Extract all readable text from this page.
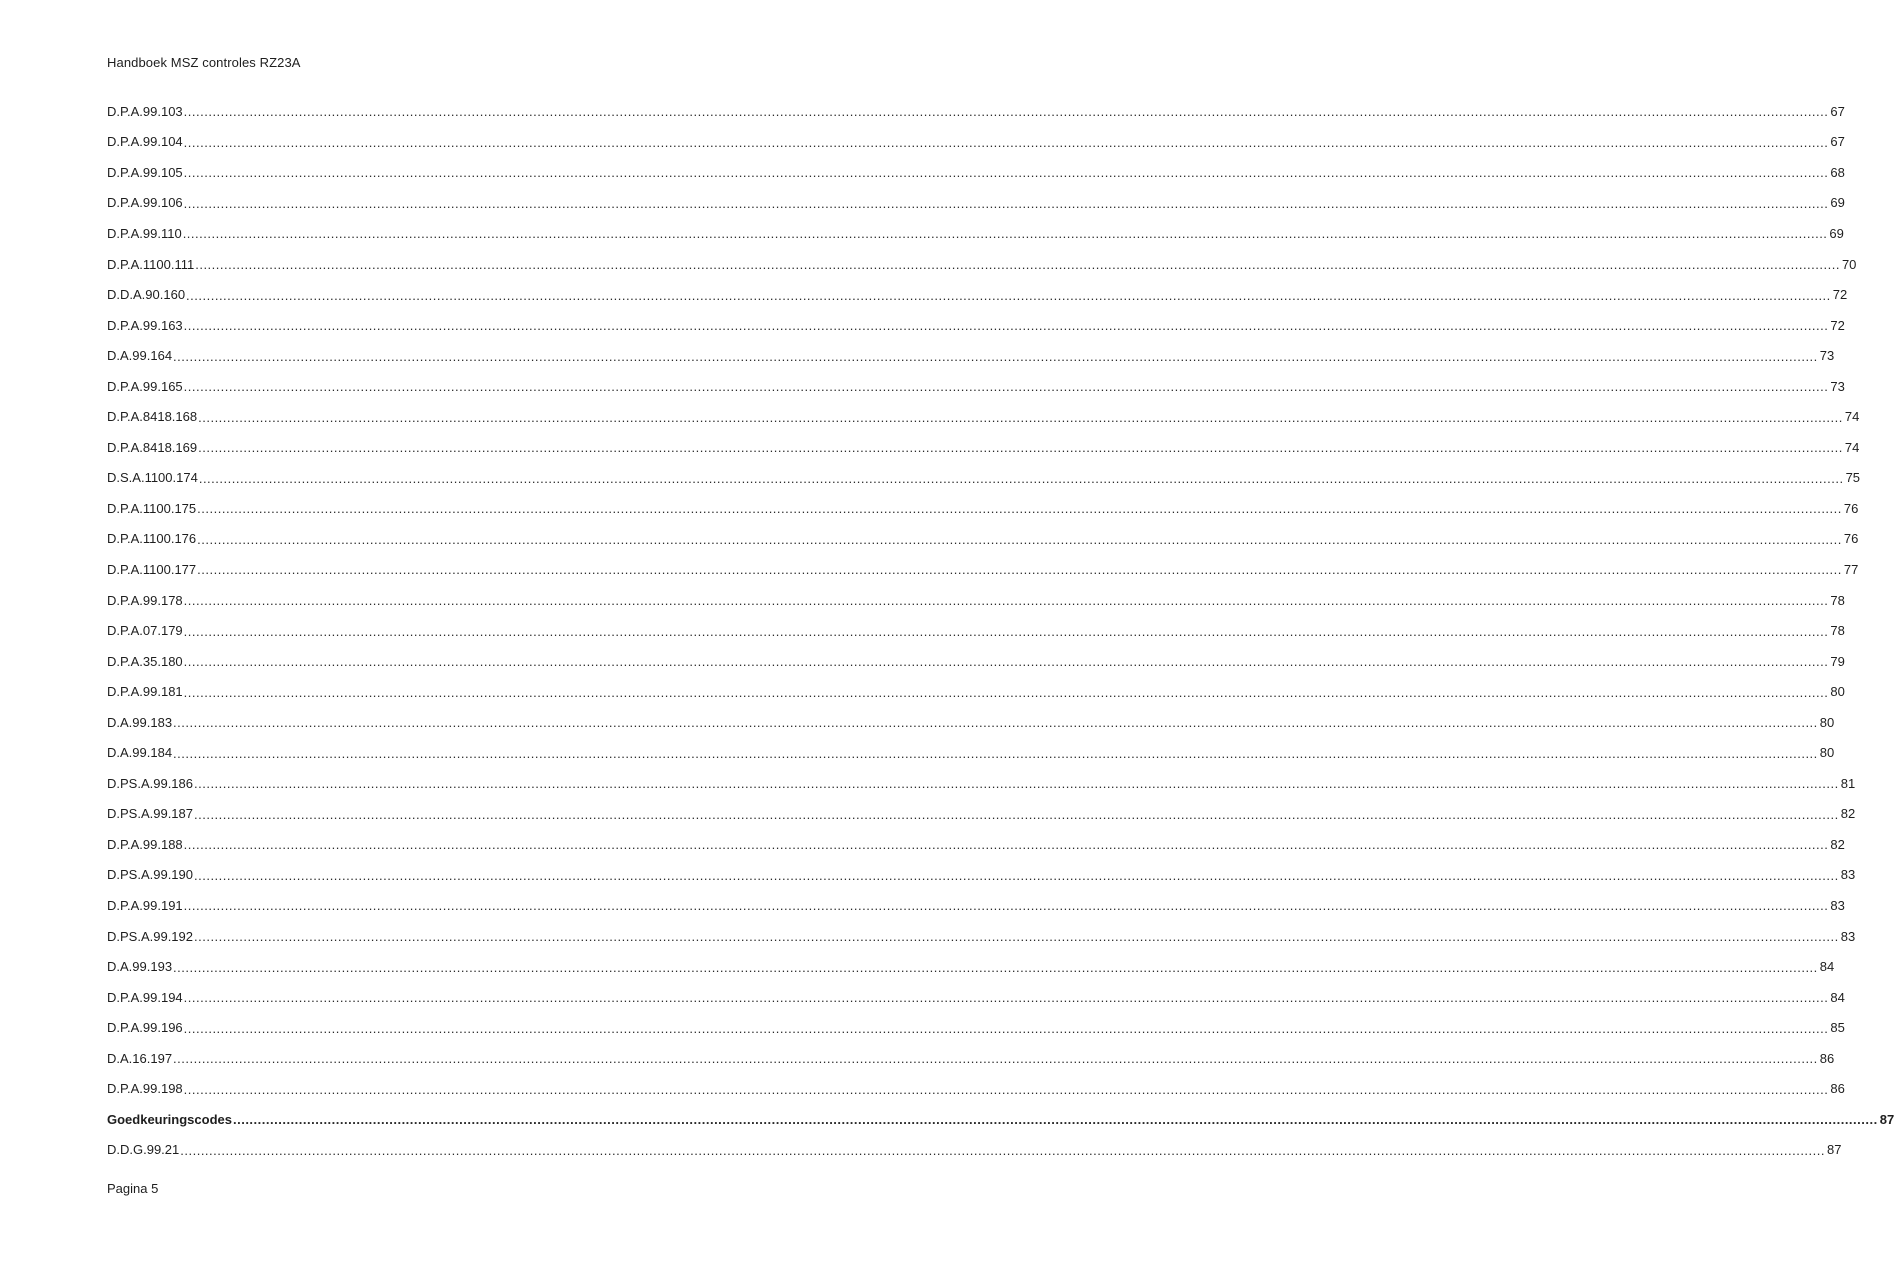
Handboek MSZ controles RZ23A
D.P.A.99.103 ................................................................................................................................................................................................................................................................................................................................................................................................................ 67
D.P.A.99.104 ................................................................................................................................................................................................................................................................................................................................................................................................................ 67
D.P.A.99.105 ................................................................................................................................................................................................................................................................................................................................................................................................................ 68
D.P.A.99.106 ................................................................................................................................................................................................................................................................................................................................................................................................................ 69
D.P.A.99.110 ................................................................................................................................................................................................................................................................................................................................................................................................................ 69
D.P.A.1100.111 ................................................................................................................................................................................................................................................................................................................................................................................................................ 70
D.D.A.90.160 ................................................................................................................................................................................................................................................................................................................................................................................................................ 72
D.P.A.99.163 ................................................................................................................................................................................................................................................................................................................................................................................................................ 72
D.A.99.164 ................................................................................................................................................................................................................................................................................................................................................................................................................ 73
D.P.A.99.165 ................................................................................................................................................................................................................................................................................................................................................................................................................ 73
D.P.A.8418.168 ................................................................................................................................................................................................................................................................................................................................................................................................................ 74
D.P.A.8418.169 ................................................................................................................................................................................................................................................................................................................................................................................................................ 74
D.S.A.1100.174 ................................................................................................................................................................................................................................................................................................................................................................................................................ 75
D.P.A.1100.175 ................................................................................................................................................................................................................................................................................................................................................................................................................ 76
D.P.A.1100.176 ................................................................................................................................................................................................................................................................................................................................................................................................................ 76
D.P.A.1100.177 ................................................................................................................................................................................................................................................................................................................................................................................................................ 77
D.P.A.99.178 ................................................................................................................................................................................................................................................................................................................................................................................................................ 78
D.P.A.07.179 ................................................................................................................................................................................................................................................................................................................................................................................................................ 78
D.P.A.35.180 ................................................................................................................................................................................................................................................................................................................................................................................................................ 79
D.P.A.99.181 ................................................................................................................................................................................................................................................................................................................................................................................................................ 80
D.A.99.183 ................................................................................................................................................................................................................................................................................................................................................................................................................ 80
D.A.99.184 ................................................................................................................................................................................................................................................................................................................................................................................................................ 80
D.PS.A.99.186 ................................................................................................................................................................................................................................................................................................................................................................................................................ 81
D.PS.A.99.187 ................................................................................................................................................................................................................................................................................................................................................................................................................ 82
D.P.A.99.188 ................................................................................................................................................................................................................................................................................................................................................................................................................ 82
D.PS.A.99.190 ................................................................................................................................................................................................................................................................................................................................................................................................................ 83
D.P.A.99.191 ................................................................................................................................................................................................................................................................................................................................................................................................................ 83
D.PS.A.99.192 ................................................................................................................................................................................................................................................................................................................................................................................................................ 83
D.A.99.193 ................................................................................................................................................................................................................................................................................................................................................................................................................ 84
D.P.A.99.194 ................................................................................................................................................................................................................................................................................................................................................................................................................ 84
D.P.A.99.196 ................................................................................................................................................................................................................................................................................................................................................................................................................ 85
D.A.16.197 ................................................................................................................................................................................................................................................................................................................................................................................................................ 86
D.P.A.99.198 ................................................................................................................................................................................................................................................................................................................................................................................................................ 86
Goedkeuringscodes ................................................................................................................................................................................................................................................................................................................................................................................................................ 87
D.D.G.99.21 ................................................................................................................................................................................................................................................................................................................................................................................................................ 87
Pagina 5
